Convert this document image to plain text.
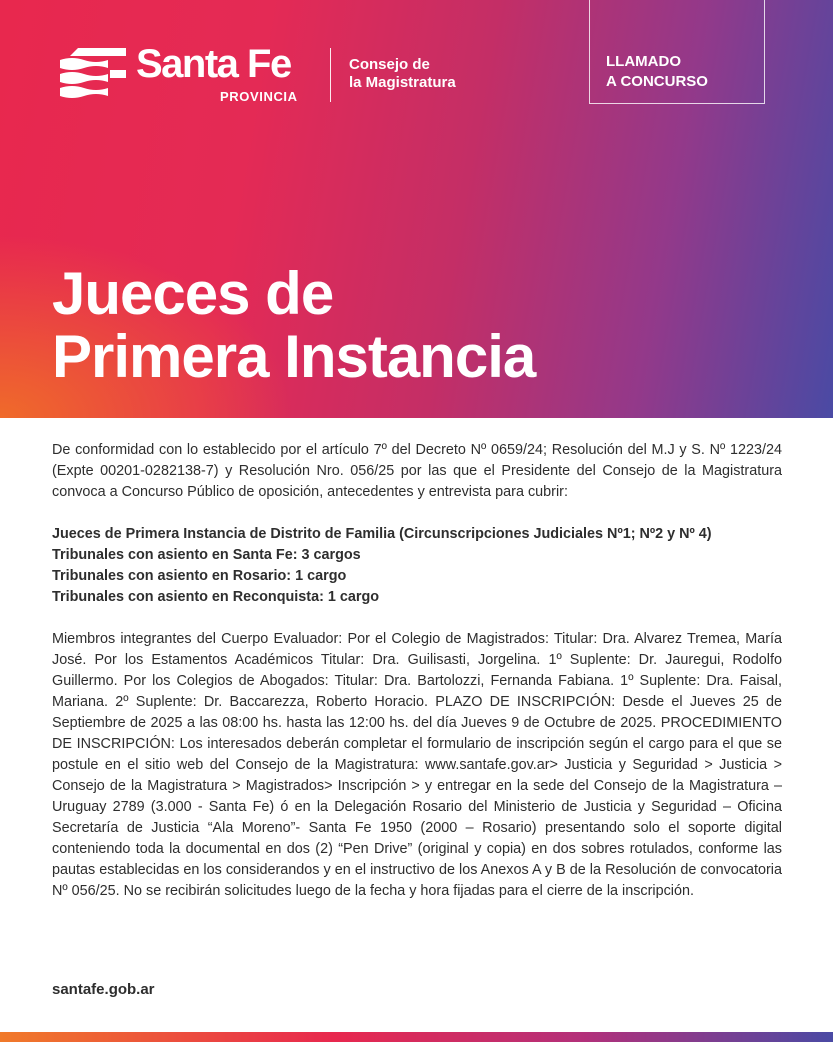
Santa Fe
PROVINCIA
Consejo de
la Magistratura
LLAMADO
A CONCURSO
Jueces de
Primera Instancia

De conformidad con lo establecido por el artículo 7º del Decreto Nº 0659/24; Resolución del M.J y S. Nº 1223/24 (Expte 00201-0282138-7) y Resolución Nro. 056/25 por las que el Presidente del Consejo de la Magistratura convoca a Concurso Público de oposición, antecedentes y entrevista para cubrir:

Jueces de Primera Instancia de Distrito de Familia (Circunscripciones Judiciales Nº1; Nº2 y Nº 4)
Tribunales con asiento en Santa Fe: 3 cargos
Tribunales con asiento en Rosario: 1 cargo
Tribunales con asiento en Reconquista: 1 cargo

Miembros integrantes del Cuerpo Evaluador: Por el Colegio de Magistrados: Titular: Dra. Alvarez Tremea, María José. Por los Estamentos Académicos Titular: Dra. Guilisasti, Jorgelina. 1º Suplente: Dr. Jauregui, Rodolfo Guillermo. Por los Colegios de Abogados: Titular: Dra. Bartolozzi, Fernanda Fabiana. 1º Suplente: Dra. Faisal, Mariana. 2º Suplente: Dr. Baccarezza, Roberto Horacio. PLAZO DE INSCRIPCIÓN: Desde el Jueves 25 de Septiembre de 2025 a las 08:00 hs. hasta las 12:00 hs. del día Jueves 9 de Octubre de 2025. PROCEDIMIENTO DE INSCRIPCIÓN: Los interesados deberán completar el formulario de inscripción según el cargo para el que se postule en el sitio web del Consejo de la Magistratura: www.santafe.gov.ar> Justicia y Seguridad > Justicia > Consejo de la Magistratura > Magistrados> Inscripción > y entregar en la sede del Consejo de la Magistratura – Uruguay 2789 (3.000 - Santa Fe) ó en la Delegación Rosario del Ministerio de Justicia y Seguridad – Oficina Secretaría de Justicia “Ala Moreno”- Santa Fe 1950 (2000 – Rosario) presentando solo el soporte digital conteniendo toda la documental en dos (2) “Pen Drive” (original y copia) en dos sobres rotulados, conforme las pautas establecidas en los considerandos y en el instructivo de los Anexos A y B de la Resolución de convocatoria Nº 056/25. No se recibirán solicitudes luego de la fecha y hora fijadas para el cierre de la inscripción.

santafe.gob.ar
